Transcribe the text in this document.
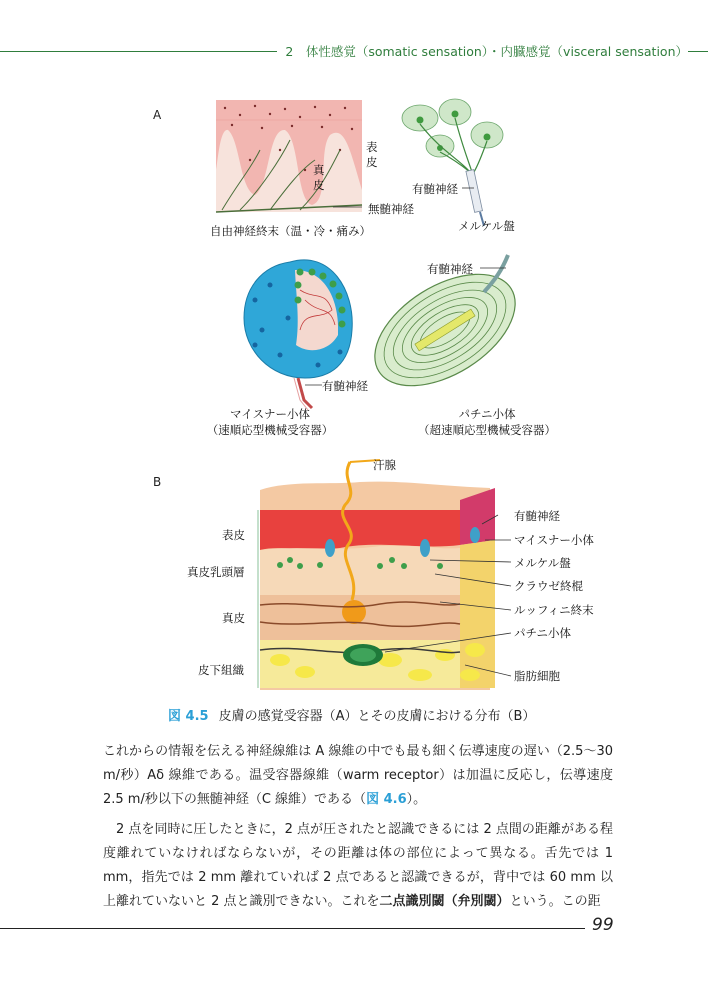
2　体性感覚（somatic sensation）・内臓感覚（visceral sensation）
A
表
皮
真
皮
無髄神経
自由神経終末（温・冷・痛み）
有髄神経
メルケル盤
有髄神経
有髄神経
マイスナー小体
（速順応型機械受容器）
パチニ小体
（超速順応型機械受容器）
B
汗腺
表皮
真皮乳頭層
真皮
皮下組織
有髄神経
マイスナー小体
メルケル盤
クラウゼ終棍
ルッフィニ終末
パチニ小体
脂肪細胞
図 4.5 皮膚の感覚受容器（A）とその皮膚における分布（B）

これからの情報を伝える神経線維は A 線維の中でも最も細く伝導速度の遅い（2.5～30 m/秒）Aδ 線維である。温受容器線維（warm receptor）は加温に反応し，伝導速度 2.5 m/秒以下の無髄神経（C 線維）である（図 4.6）。

2 点を同時に圧したときに，2 点が圧されたと認識できるには 2 点間の距離がある程度離れていなければならないが，その距離は体の部位によって異なる。舌先では 1 mm，指先では 2 mm 離れていれば 2 点であると認識できるが，背中では 60 mm 以上離れていないと 2 点と識別できない。これを二点識別閾（弁別閾）という。この距

99
